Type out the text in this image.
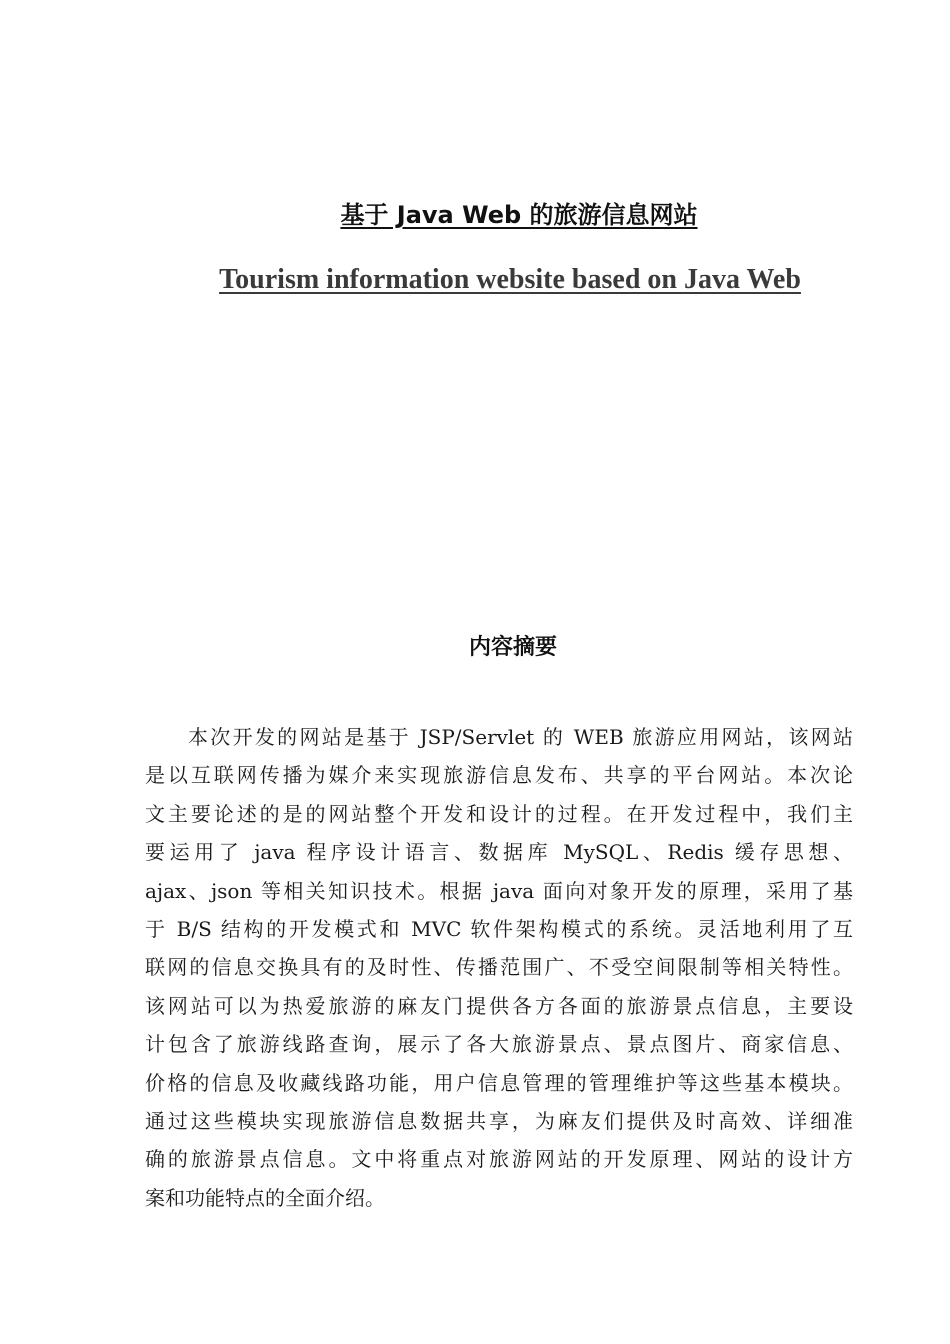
基于 Java Web 的旅游信息网站
Tourism information website based on Java Web
内容摘要
本次开发的网站是基于 JSP/Servlet 的 WEB 旅游应用网站，该网站
是以互联网传播为媒介来实现旅游信息发布、共享的平台网站。本次论
文主要论述的是的网站整个开发和设计的过程。在开发过程中，我们主
要运用了 java 程序设计语言、数据库 MySQL、Redis 缓存思想、
ajax、json 等相关知识技术。根据 java 面向对象开发的原理，采用了基
于 B/S 结构的开发模式和 MVC 软件架构模式的系统。灵活地利用了互
联网的信息交换具有的及时性、传播范围广、不受空间限制等相关特性。
该网站可以为热爱旅游的麻友门提供各方各面的旅游景点信息，主要设
计包含了旅游线路查询，展示了各大旅游景点、景点图片、商家信息、
价格的信息及收藏线路功能，用户信息管理的管理维护等这些基本模块。
通过这些模块实现旅游信息数据共享，为麻友们提供及时高效、详细准
确的旅游景点信息。文中将重点对旅游网站的开发原理、网站的设计方
案和功能特点的全面介绍。
